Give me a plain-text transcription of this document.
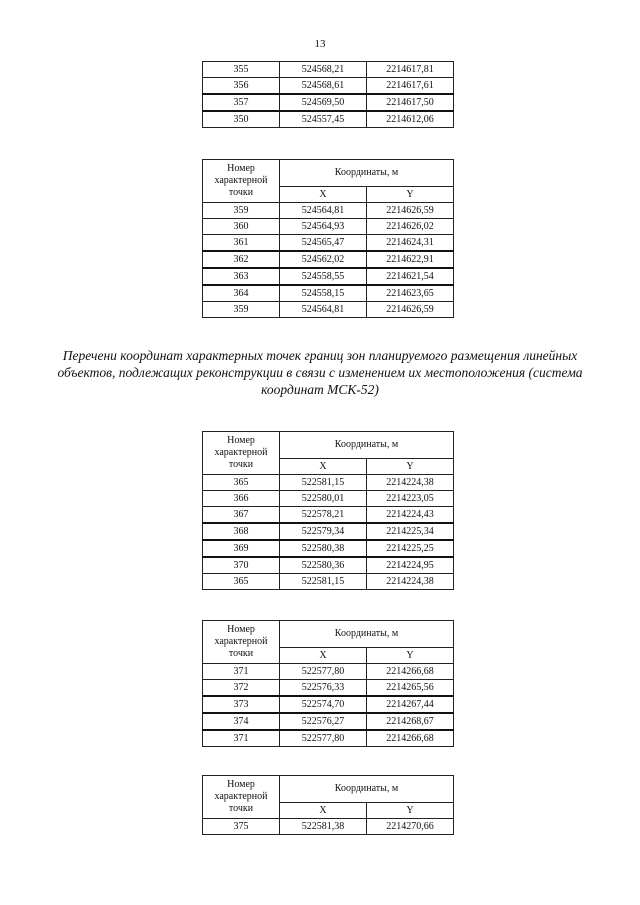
13
355	524568,21	2214617,81
356	524568,61	2214617,61
357	524569,50	2214617,50
350	524557,45	2214612,06
Номер характерной точки	Координаты, м	
	X	Y
359	524564,81	2214626,59
360	524564,93	2214626,02
361	524565,47	2214624,31
362	524562,02	2214622,91
363	524558,55	2214621,54
364	524558,15	2214623,65
359	524564,81	2214626,59
Перечени координат характерных точек границ зон планируемого размещения линейных объектов, подлежащих реконструкции в связи с изменением их местоположения (система координат МСК-52)
Номер характерной точки	Координаты, м	
	X	Y
365	522581,15	2214224,38
366	522580,01	2214223,05
367	522578,21	2214224,43
368	522579,34	2214225,34
369	522580,38	2214225,25
370	522580,36	2214224,95
365	522581,15	2214224,38
Номер характерной точки	Координаты, м	
	X	Y
371	522577,80	2214266,68
372	522576,33	2214265,56
373	522574,70	2214267,44
374	522576,27	2214268,67
371	522577,80	2214266,68
Номер характерной точки	Координаты, м	
	X	Y
375	522581,38	2214270,66
